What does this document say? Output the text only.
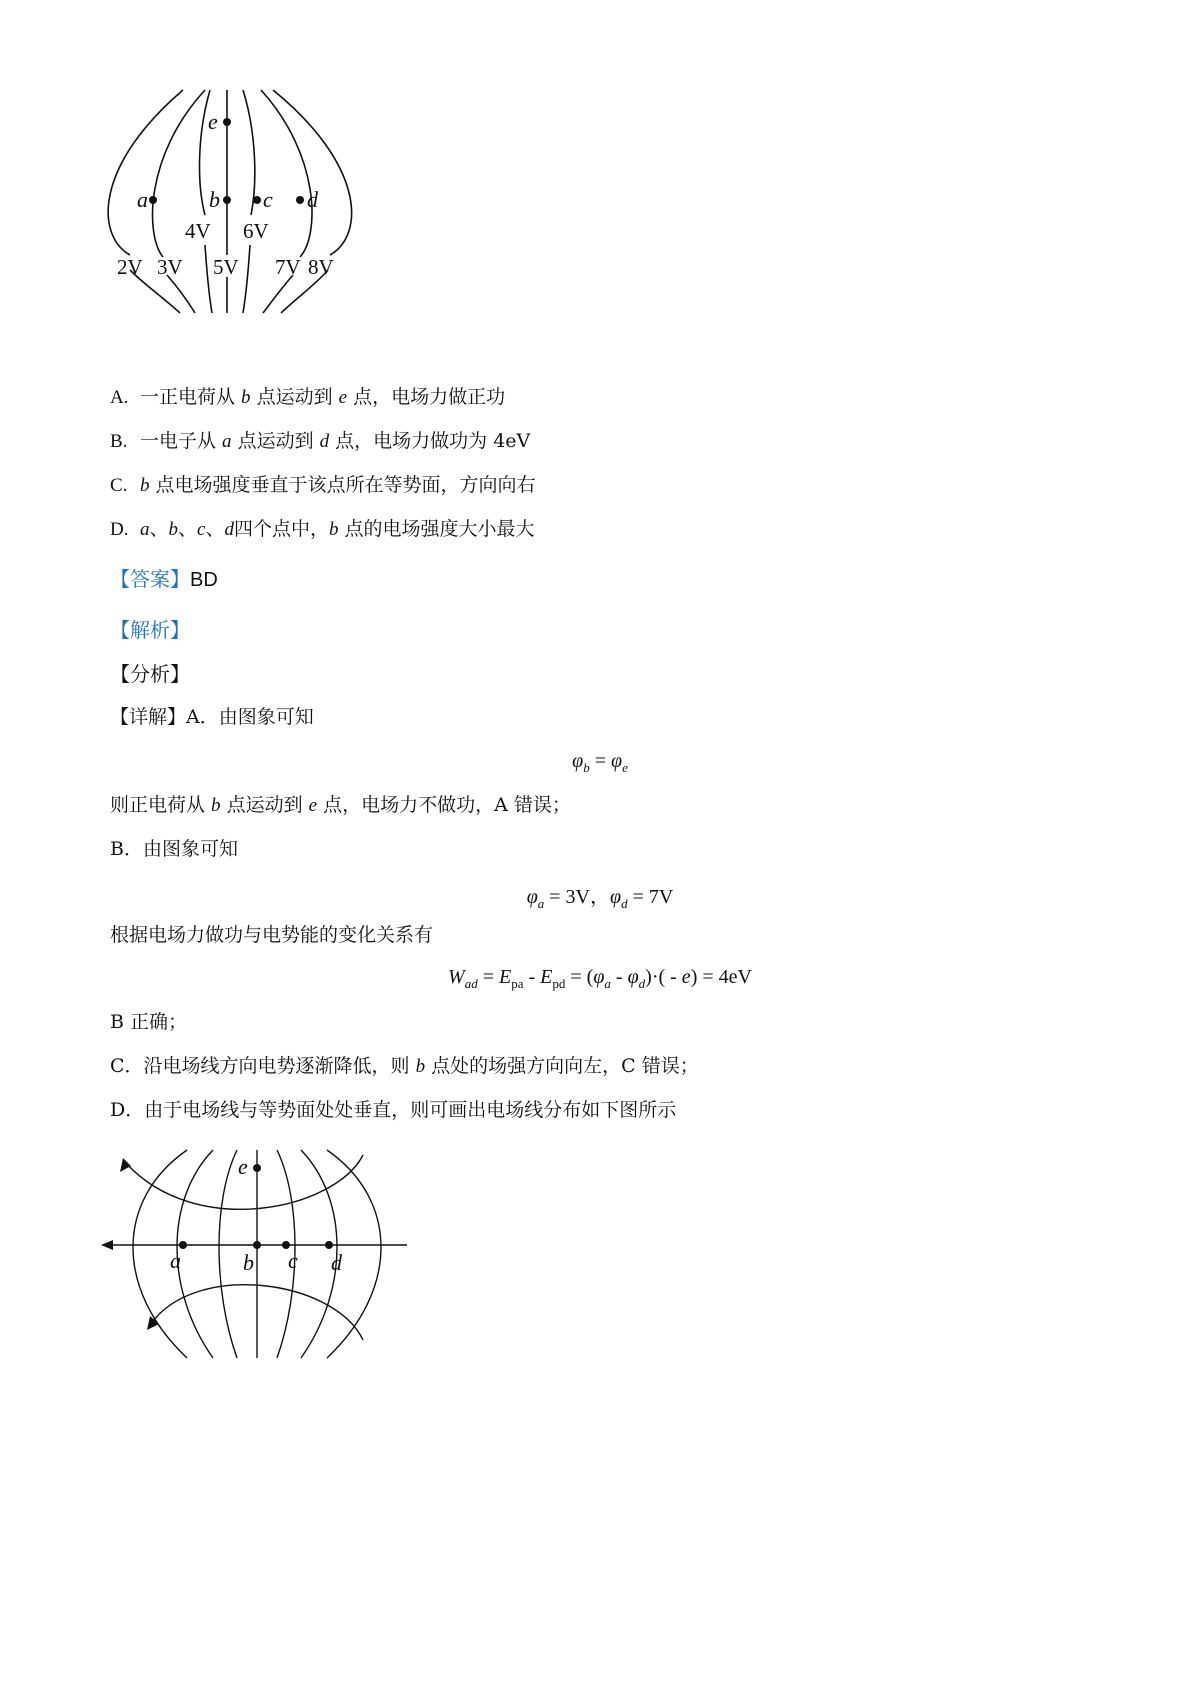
e
a	b c d
4V 6V
2V 3V 5V 7V 8V
A. 一正电荷从 b 点运动到 e 点，电场力做正功
B. 一电子从 a 点运动到 d 点，电场力做功为 4eV
C. b 点电场强度垂直于该点所在等势面，方向向右
D. a、b、c、d四个点中，b 点的电场强度大小最大
【答案】BD
【解析】
【分析】
【详解】A．由图象可知
$\varphi_b = \varphi_e$
则正电荷从 b 点运动到 e 点，电场力不做功，A 错误；
B．由图象可知
$\varphi_a = 3V$，$\varphi_d = 7V$
根据电场力做功与电势能的变化关系有
$W_{ad} = E_{pa} - E_{pd} = (\varphi_a - \varphi_d)\cdot( - e) = 4eV$
B 正确；
C．沿电场线方向电势逐渐降低，则 b 点处的场强方向向左，C 错误；
D．由于电场线与等势面处处垂直，则可画出电场线分布如下图所示
e
a	b c d
